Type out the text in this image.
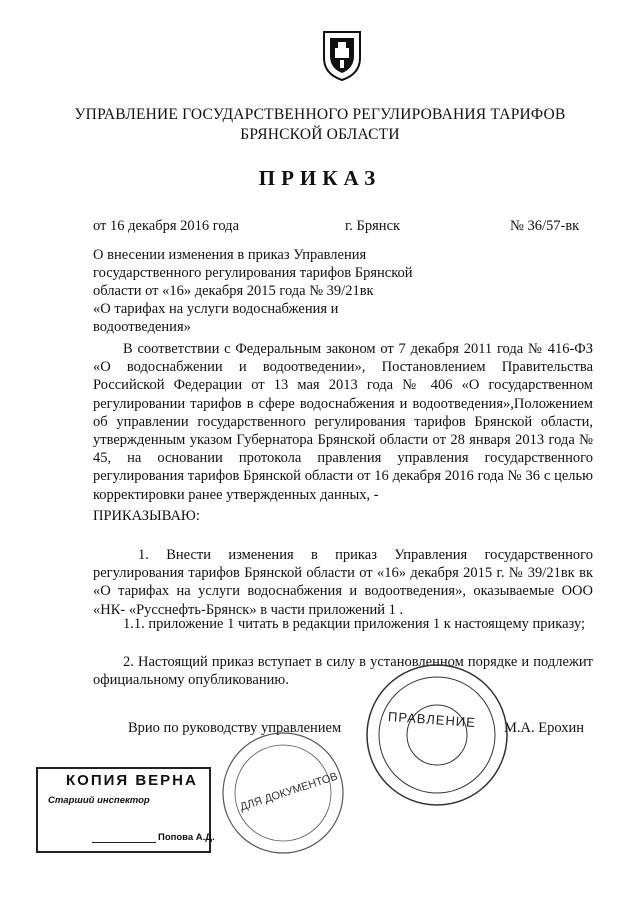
УПРАВЛЕНИЕ ГОСУДАРСТВЕННОГО РЕГУЛИРОВАНИЯ ТАРИФОВ
БРЯНСКОЙ ОБЛАСТИ
ПРИКАЗ
от 16 декабря 2016 года	г. Брянск	№ 36/57-вк
О внесении изменения в приказ Управления
государственного регулирования тарифов Брянской
области от «16» декабря 2015 года № 39/21вк
«О тарифах на услуги водоснабжения и
водоотведения»
В соответствии с Федеральным законом от 7 декабря 2011 года № 416-ФЗ «О водоснабжении и водоотведении», Постановлением Правительства Российской Федерации от 13 мая 2013 года № 406 «О государственном регулировании тарифов в сфере водоснабжения и водоотведения»,Положением об управлении государственного регулирования тарифов Брянской области, утвержденным указом Губернатора Брянской области от 28 января 2013 года № 45, на основании протокола правления управления государственного регулирования тарифов Брянской области от 16 декабря 2016 года № 36 с целью корректировки ранее утвержденных данных, -
ПРИКАЗЫВАЮ:
1. Внести изменения в приказ Управления государственного регулирования тарифов Брянской области от «16» декабря 2015 г. № 39/21вк вк «О тарифах на услуги водоснабжения и водоотведения», оказываемые ООО «НК- «Русснефть-Брянск» в части приложений 1 .
1.1. приложение 1 читать в редакции приложения 1 к настоящему приказу;
2. Настоящий приказ вступает в силу в установленном порядке и подлежит официальному опубликованию.
Врио по руководству управлением	М.А. Ерохин
ПРАВЛЕНИЕ
КОПИЯ ВЕРНА
Старший инспектор
Попова А.Д.
ДЛЯ ДОКУМЕНТОВ
